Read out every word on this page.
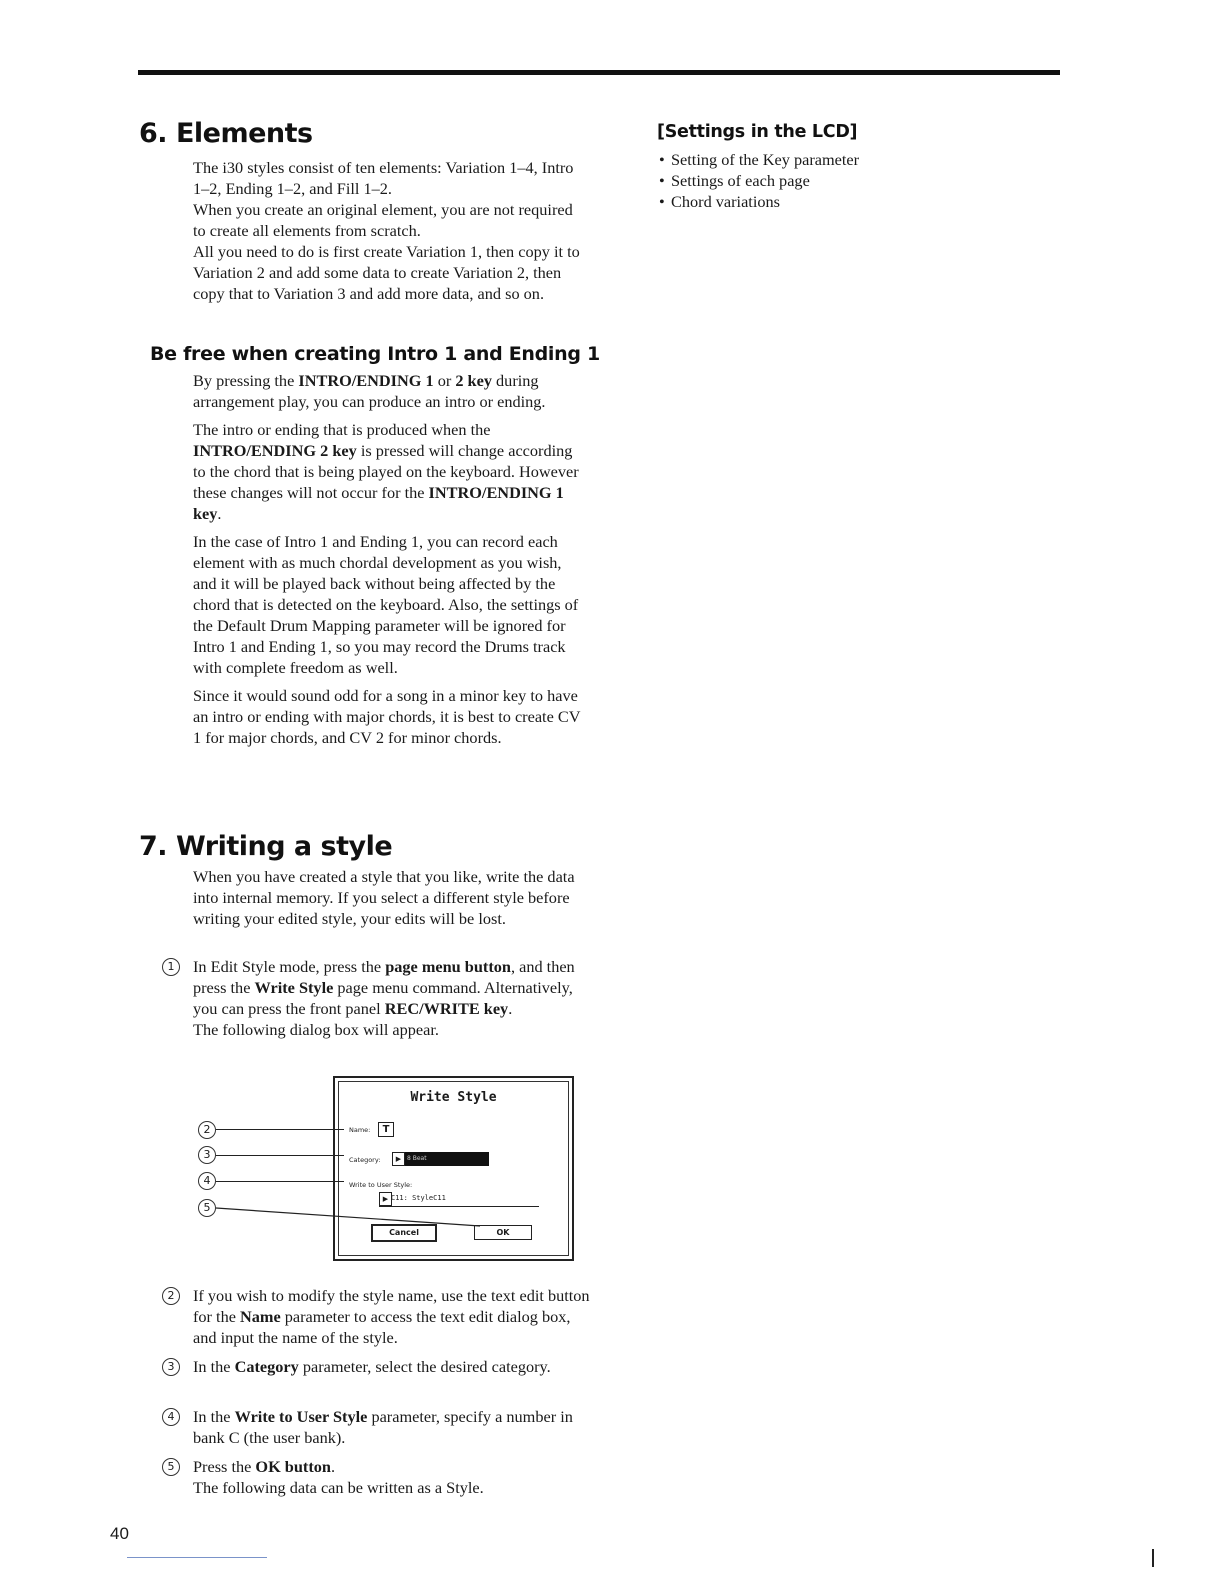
6. Elements
The i30 styles consist of ten elements: Variation 1–4, Intro 1–2, Ending 1–2, and Fill 1–2.
When you create an original element, you are not required to create all elements from scratch.
All you need to do is first create Variation 1, then copy it to Variation 2 and add some data to create Variation 2, then copy that to Variation 3 and add more data, and so on.
Be free when creating Intro 1 and Ending 1

By pressing the INTRO/ENDING 1 or 2 key during arrangement play, you can produce an intro or ending.

The intro or ending that is produced when the INTRO/ENDING 2 key is pressed will change according to the chord that is being played on the keyboard. However these changes will not occur for the INTRO/ENDING 1 key.

In the case of Intro 1 and Ending 1, you can record each element with as much chordal development as you wish, and it will be played back without being affected by the chord that is detected on the keyboard. Also, the settings of the Default Drum Mapping parameter will be ignored for Intro 1 and Ending 1, so you may record the Drums track with complete freedom as well.

Since it would sound odd for a song in a minor key to have an intro or ending with major chords, it is best to create CV 1 for major chords, and CV 2 for minor chords.

7. Writing a style
When you have created a style that you like, write the data into internal memory. If you select a different style before writing your edited style, your edits will be lost.
1	In Edit Style mode, press the page menu button, and then press the Write Style page menu command. Alternatively, you can press the front panel REC/WRITE key.
The following dialog box will appear.
Write Style
Name:	T
Category:	▶ 8 Beat
Write to User Style:
▶ C11: StyleC11
Cancel	OK
2
3
4
5
2	If you wish to modify the style name, use the text edit button for the Name parameter to access the text edit dialog box, and input the name of the style.
3	In the Category parameter, select the desired category.
4	In the Write to User Style parameter, specify a number in bank C (the user bank).
5	Press the OK button.
The following data can be written as a Style.
[Settings in the LCD]
• Setting of the Key parameter
• Settings of each page
• Chord variations
40
